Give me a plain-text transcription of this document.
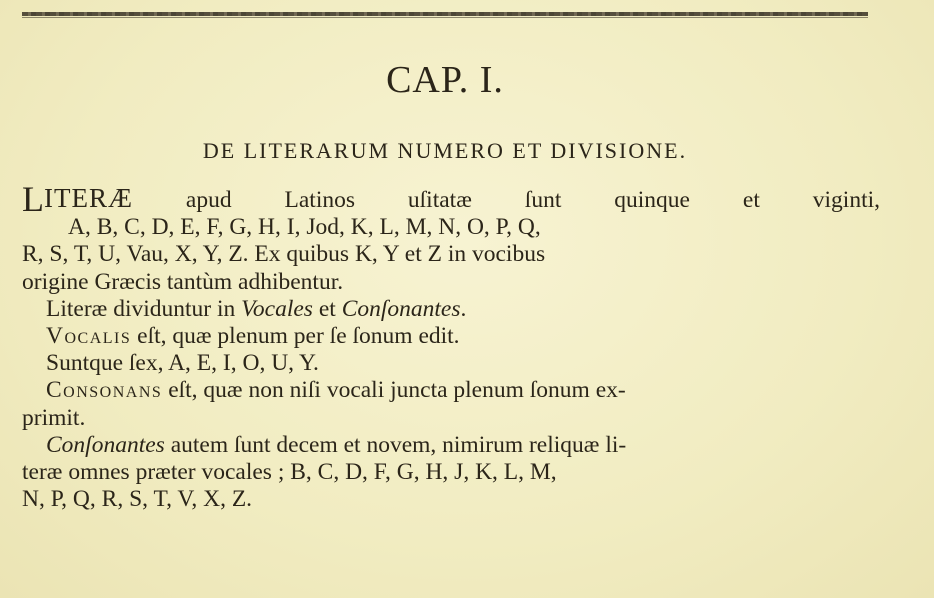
CAP. I.
DE LITERARUM NUMERO ET DIVISIONE.
LITERÆ apud Latinos uſitatæ ſunt quinque et viginti,
A, B, C, D, E, F, G, H, I, Jod, K, L, M, N, O, P, Q,
R, S, T, U, Vau, X, Y, Z. Ex quibus K, Y et Z in vocibus
origine Græcis tantùm adhibentur.
Literæ dividuntur in Vocales et Conſonantes.
Vocalis eſt, quæ plenum per ſe ſonum edit.
Suntque ſex, A, E, I, O, U, Y.
Consonans eſt, quæ non niſi vocali juncta plenum ſonum ex-
primit.
Conſonantes autem ſunt decem et novem, nimirum reliquæ li-
teræ omnes præter vocales ; B, C, D, F, G, H, J, K, L, M,
N, P, Q, R, S, T, V, X, Z.
